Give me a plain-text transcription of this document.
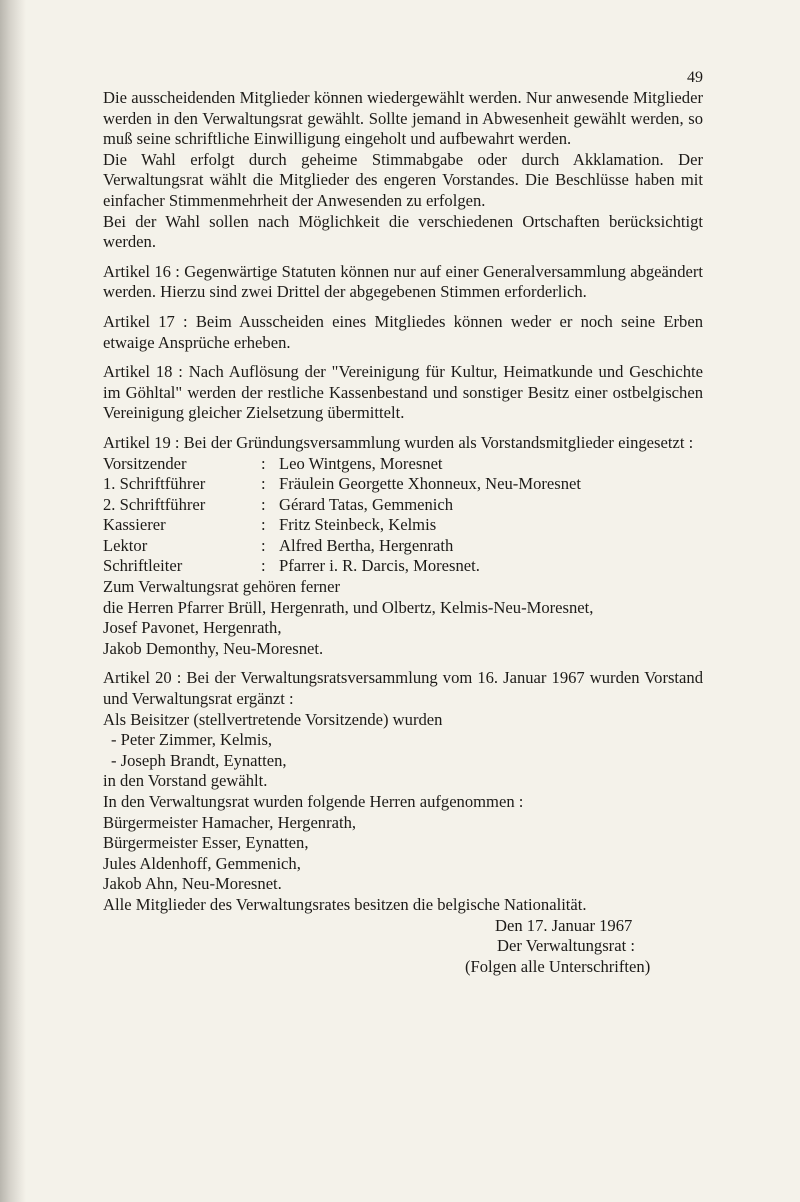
49

Die ausscheidenden Mitglieder können wiedergewählt werden. Nur anwesende Mitglieder werden in den Verwaltungsrat gewählt. Sollte jemand in Abwesenheit gewählt werden, so muß seine schriftliche Einwilligung eingeholt und aufbewahrt werden.

Die Wahl erfolgt durch geheime Stimmabgabe oder durch Akklamation. Der Verwaltungsrat wählt die Mitglieder des engeren Vorstandes. Die Beschlüsse haben mit einfacher Stimmenmehrheit der Anwesenden zu erfolgen.

Bei der Wahl sollen nach Möglichkeit die verschiedenen Ortschaften berücksichtigt werden.

Artikel 16 : Gegenwärtige Statuten können nur auf einer Generalversammlung abgeändert werden. Hierzu sind zwei Drittel der abgegebenen Stimmen erforderlich.

Artikel 17 : Beim Ausscheiden eines Mitgliedes können weder er noch seine Erben etwaige Ansprüche erheben.

Artikel 18 : Nach Auflösung der "Vereinigung für Kultur, Heimatkunde und Geschichte im Göhltal" werden der restliche Kassenbestand und sonstiger Besitz einer ostbelgischen Vereinigung gleicher Zielsetzung übermittelt.

Artikel 19 : Bei der Gründungsversammlung wurden als Vorstandsmitglieder eingesetzt :

Vorsitzender	: Leo Wintgens, Moresnet
1. Schriftführer	: Fräulein Georgette Xhonneux, Neu-Moresnet
2. Schriftführer	: Gérard Tatas, Gemmenich
Kassierer	: Fritz Steinbeck, Kelmis
Lektor	: Alfred Bertha, Hergenrath
Schriftleiter	: Pfarrer i. R. Darcis, Moresnet.

Zum Verwaltungsrat gehören ferner

die Herren Pfarrer Brüll, Hergenrath, und Olbertz, Kelmis-Neu-Moresnet,

Josef Pavonet, Hergenrath,

Jakob Demonthy, Neu-Moresnet.

Artikel 20 : Bei der Verwaltungsratsversammlung vom 16. Januar 1967 wurden Vorstand und Verwaltungsrat ergänzt :

Als Beisitzer (stellvertretende Vorsitzende) wurden

- Peter Zimmer, Kelmis,

- Joseph Brandt, Eynatten,

in den Vorstand gewählt.

In den Verwaltungsrat wurden folgende Herren aufgenommen :

Bürgermeister Hamacher, Hergenrath,

Bürgermeister Esser, Eynatten,

Jules Aldenhoff, Gemmenich,

Jakob Ahn, Neu-Moresnet.

Alle Mitglieder des Verwaltungsrates besitzen die belgische Nationalität.

Den 17. Januar 1967
Der Verwaltungsrat :
(Folgen alle Unterschriften)
